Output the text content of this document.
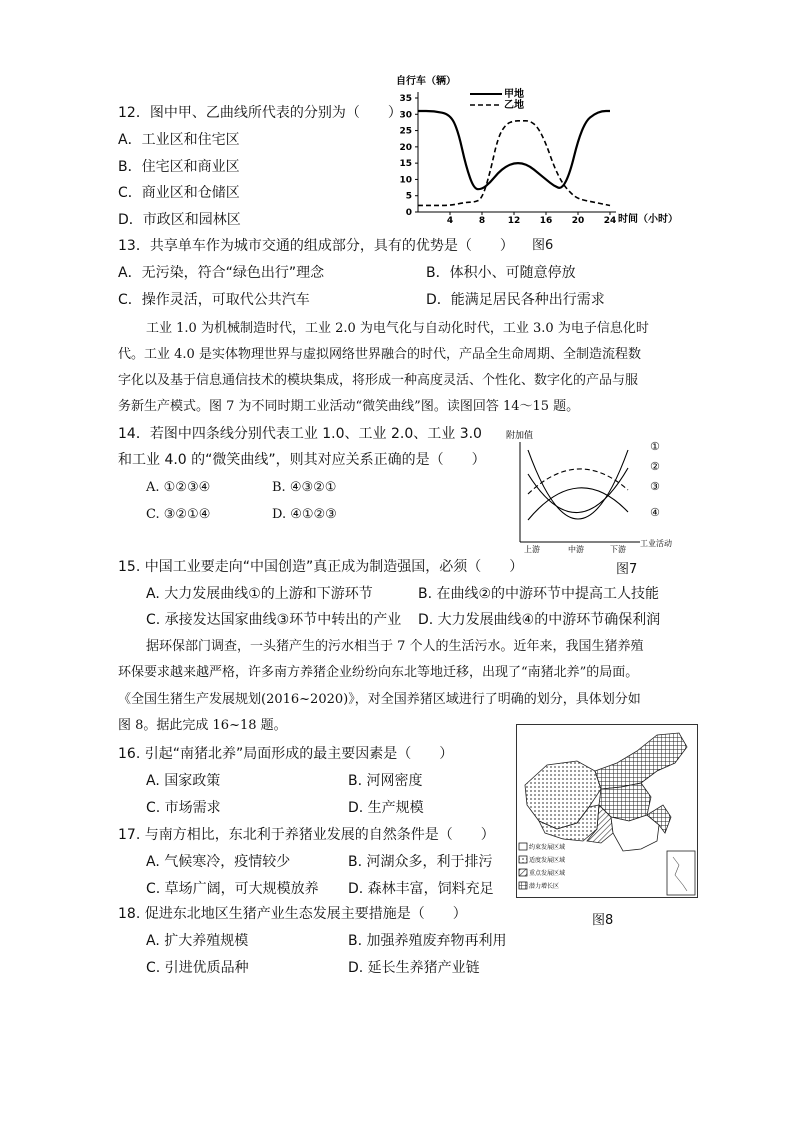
12．图中甲、乙曲线所代表的分别为（　　）
A．工业区和住宅区
B．住宅区和商业区
C．商业区和仓储区
D．市政区和园林区
自行车（辆）
0
5
10
15
20
25
30
35
4	8	12 16 20 24
甲地
乙地
时间（小时）
图6
13．共享单车作为城市交通的组成部分，具有的优势是（　　）
A．无污染，符合“绿色出行”理念	B．体积小、可随意停放
C．操作灵活，可取代公共汽车	D．能满足居民各种出行需求
工业 1.0 为机械制造时代，工业 2.0 为电气化与自动化时代，工业 3.0 为电子信息化时
代。工业 4.0 是实体物理世界与虚拟网络世界融合的时代，产品全生命周期、全制造流程数
字化以及基于信息通信技术的模块集成，将形成一种高度灵活、个性化、数字化的产品与服
务新生产模式。图 7 为不同时期工业活动“微笑曲线”图。读图回答 14～15 题。
14．若图中四条线分别代表工业 1.0、工业 2.0、工业 3.0
和工业 4.0 的“微笑曲线”，则其对应关系正确的是（　　）
A. ①②③④	B. ④③②①
C. ③②①④	D. ④①②③
附加值
①
②
③
④
上游	中游	下游
工业活动
图7
15. 中国工业要走向“中国创造”真正成为制造强国，必须（　　）
A. 大力发展曲线①的上游和下游环节	B. 在曲线②的中游环节中提高工人技能
C. 承接发达国家曲线③环节中转出的产业 D. 大力发展曲线④的中游环节确保利润
据环保部门调查，一头猪产生的污水相当于 7 个人的生活污水。近年来，我国生猪养殖
环保要求越来越严格，许多南方养猪企业纷纷向东北等地迁移，出现了“南猪北养”的局面。
《全国生猪生产发展规划(2016~2020)》，对全国养猪区域进行了明确的划分，具体划分如
图 8。据此完成 16~18 题。
16. 引起“南猪北养”局面形成的最主要因素是（　　）
A. 国家政策	B. 河网密度
C. 市场需求	D. 生产规模
17. 与南方相比，东北利于养猪业发展的自然条件是（　　）
A. 气候寒冷，疫情较少	B. 河湖众多，利于排污
C. 草场广阔，可大规模放养 D. 森林丰富，饲料充足
18. 促进东北地区生猪产业生态发展主要措施是（　　）
A. 扩大养殖规模	B. 加强养殖废弃物再利用
C. 引进优质品种	D. 延长生养猪产业链
约束发展区域
适度发展区域
重点发展区域
潜力增长区
图8
